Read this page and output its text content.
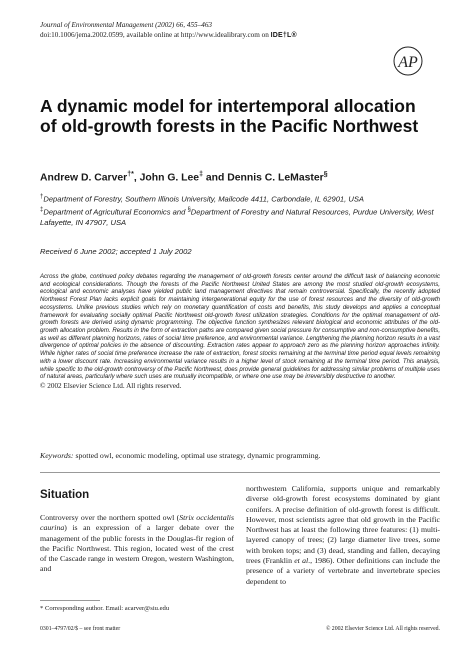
Journal of Environmental Management (2002) 66, 455–463
doi:10.1006/jema.2002.0599, available online at http://www.idealibrary.com on IDE†L®
AP
A dynamic model for intertemporal allocation of old-growth forests in the Pacific Northwest
Andrew D. Carver†*, John G. Lee‡ and Dennis C. LeMaster§
†Department of Forestry, Southern Illinois University, Mailcode 4411, Carbondale, IL 62901, USA
‡Department of Agricultural Economics and §Department of Forestry and Natural Resources, Purdue University, West Lafayette, IN 47907, USA
Received 6 June 2002; accepted 1 July 2002

Across the globe, continued policy debates regarding the management of old-growth forests center around the difficult task of balancing economic and ecological considerations. Though the forests of the Pacific Northwest United States are among the most studied old-growth ecosystems, ecological and economic analyses have yielded public land management directives that remain controversial. Specifically, the recently adopted Northwest Forest Plan lacks explicit goals for maintaining intergenerational equity for the use of forest resources and the diversity of old-growth ecosystems. Unlike previous studies which rely on monetary quantification of costs and benefits, this study develops and applies a conceptual framework for evaluating socially optimal Pacific Northwest old-growth forest utilization strategies. Conditions for the optimal management of old-growth forests are derived using dynamic programming. The objective function synthesizes relevant biological and economic attributes of the old-growth allocation problem. Results in the form of extraction paths are compared given social pressure for consumptive and non-consumptive benefits, as well as different planning horizons, rates of social time preference, and environmental variance. Lengthening the planning horizon results in a vast divergence of optimal policies in the absence of discounting. Extraction rates appear to approach zero as the planning horizon approaches infinity. While higher rates of social time preference increase the rate of extraction, forest stocks remaining at the terminal time period equal levels remaining with a lower discount rate. Increasing environmental variance results in a higher level of stock remaining at the terminal time period. This analysis, while specific to the old-growth controversy of the Pacific Northwest, does provide general guidelines for addressing similar problems of multiple uses of natural areas, particularly where such uses are mutually incompatible, or where one use may be irreversibly destructive to another.

© 2002 Elsevier Science Ltd. All rights reserved.

Keywords: spotted owl, economic modeling, optimal use strategy, dynamic programming.
Situation

Controversy over the northern spotted owl (Strix occidentalis caurina) is an expression of a larger debate over the management of the public forests in the Douglas-fir region of the Pacific Northwest. This region, located west of the crest of the Cascade range in western Oregon, western Washington, and

northwestern California, supports unique and remarkably diverse old-growth forest ecosystems dominated by giant conifers. A precise definition of old-growth forest is difficult. However, most scientists agree that old growth in the Pacific Northwest has at least the following three features: (1) multi-layered canopy of trees; (2) large diameter live trees, some with broken tops; and (3) dead, standing and fallen, decaying trees (Franklin et al., 1986). Other definitions can include the presence of a variety of vertebrate and invertebrate species dependent to

* Corresponding author. Email: acarver@siu.edu
0301–4797/02/$ – see front matter	© 2002 Elsevier Science Ltd. All rights reserved.
